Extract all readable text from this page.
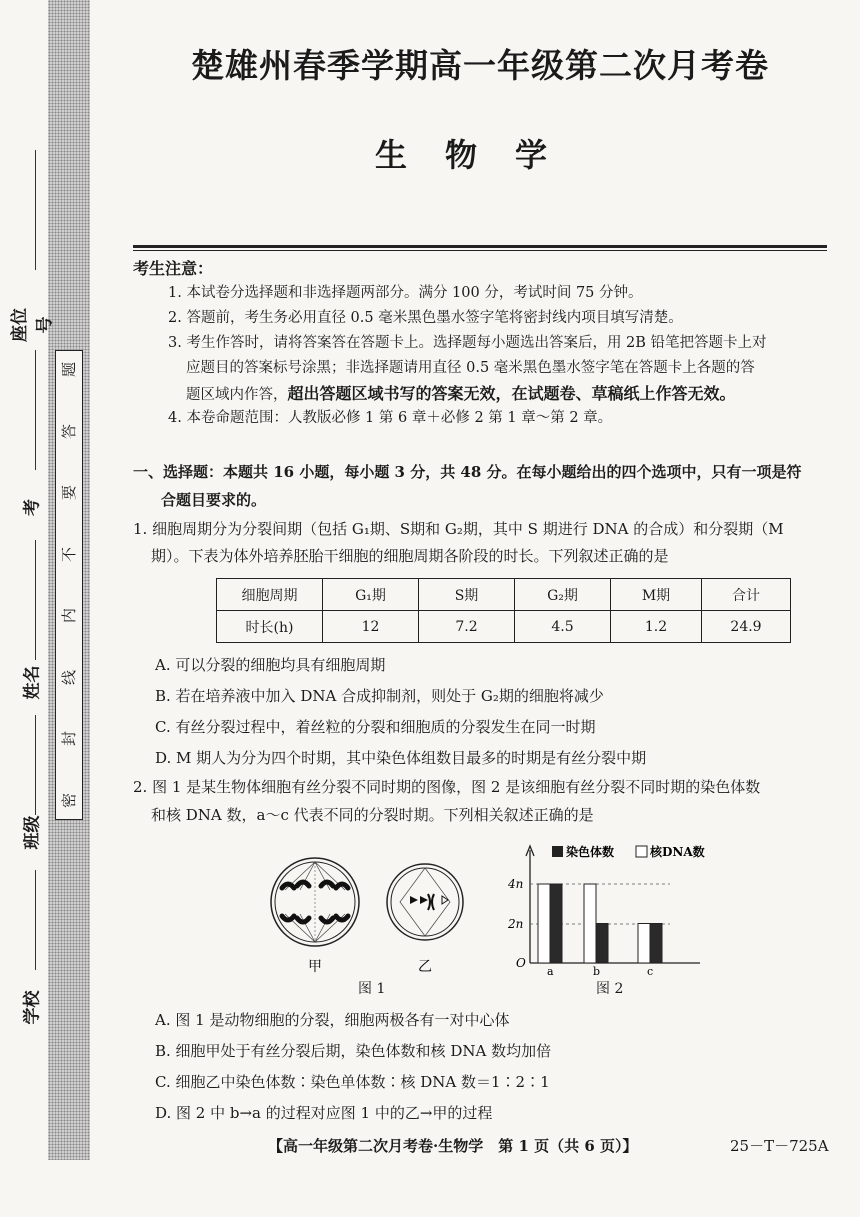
题
答
要
不
内
线
封
密
座位号
考
姓名
班级
学校
楚雄州春季学期高一年级第二次月考卷
生物学
考生注意：
1. 本试卷分选择题和非选择题两部分。满分 100 分，考试时间 75 分钟。
2. 答题前，考生务必用直径 0.5 毫米黑色墨水签字笔将密封线内项目填写清楚。
3. 考生作答时，请将答案答在答题卡上。选择题每小题选出答案后，用 2B 铅笔把答题卡上对
应题目的答案标号涂黑；非选择题请用直径 0.5 毫米黑色墨水签字笔在答题卡上各题的答
题区域内作答，超出答题区域书写的答案无效，在试题卷、草稿纸上作答无效。
4. 本卷命题范围：人教版必修 1 第 6 章＋必修 2 第 1 章～第 2 章。
一、选择题：本题共 16 小题，每小题 3 分，共 48 分。在每小题给出的四个选项中，只有一项是符
合题目要求的。
1. 细胞周期分为分裂间期（包括 G₁期、S期和 G₂期，其中 S 期进行 DNA 的合成）和分裂期（M
期）。下表为体外培养胚胎干细胞的细胞周期各阶段的时长。下列叙述正确的是
细胞周期	G₁期	S期	G₂期	M期	合计
时长(h)	12	7.2	4.5	1.2	24.9
A. 可以分裂的细胞均具有细胞周期
B. 若在培养液中加入 DNA 合成抑制剂，则处于 G₂期的细胞将减少
C. 有丝分裂过程中，着丝粒的分裂和细胞质的分裂发生在同一时期
D. M 期人为分为四个时期，其中染色体组数目最多的时期是有丝分裂中期
2. 图 1 是某生物体细胞有丝分裂不同时期的图像，图 2 是该细胞有丝分裂不同时期的染色体数
和核 DNA 数，a～c 代表不同的分裂时期。下列相关叙述正确的是
甲	乙
图 1
染色体数	核DNA数
4n
2n
O
a	b	c
图 2
A. 图 1 是动物细胞的分裂，细胞两极各有一对中心体
B. 细胞甲处于有丝分裂后期，染色体数和核 DNA 数均加倍
C. 细胞乙中染色体数∶染色单体数∶核 DNA 数＝1∶2∶1
D. 图 2 中 b→a 的过程对应图 1 中的乙→甲的过程
【高一年级第二次月考卷·生物学　第 1 页（共 6 页）】	25－T－725A
